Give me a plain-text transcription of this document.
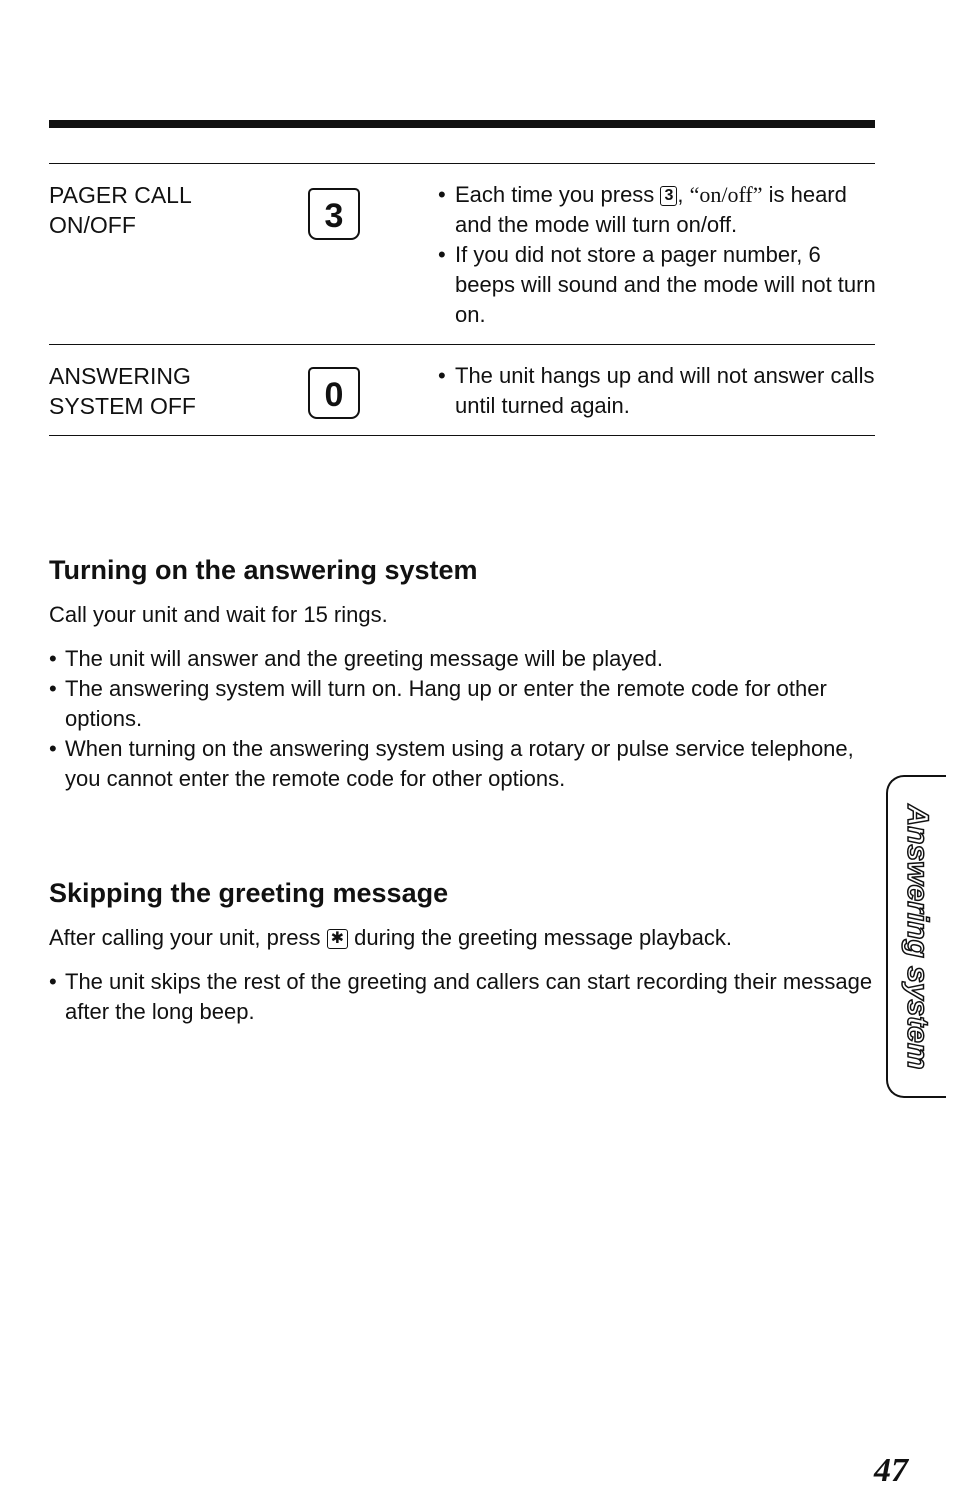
PAGER CALL
ON/OFF	3
• Each time you press 3 , “on/off” is heard and the mode will turn on/off.
• If you did not store a pager number, 6 beeps will sound and the mode will not turn on.
ANSWERING
SYSTEM OFF	0
• The unit hangs up and will not answer calls until turned again.
Turning on the answering system

Call your unit and wait for 15 rings.

• The unit will answer and the greeting message will be played.
• The answering system will turn on. Hang up or enter the remote code for other options.
• When turning on the answering system using a rotary or pulse service telephone, you cannot enter the remote code for other options.
Skipping the greeting message

After calling your unit, press ✱ during the greeting message playback.

• The unit skips the rest of the greeting and callers can start recording their message after the long beep.	Answering system
47
